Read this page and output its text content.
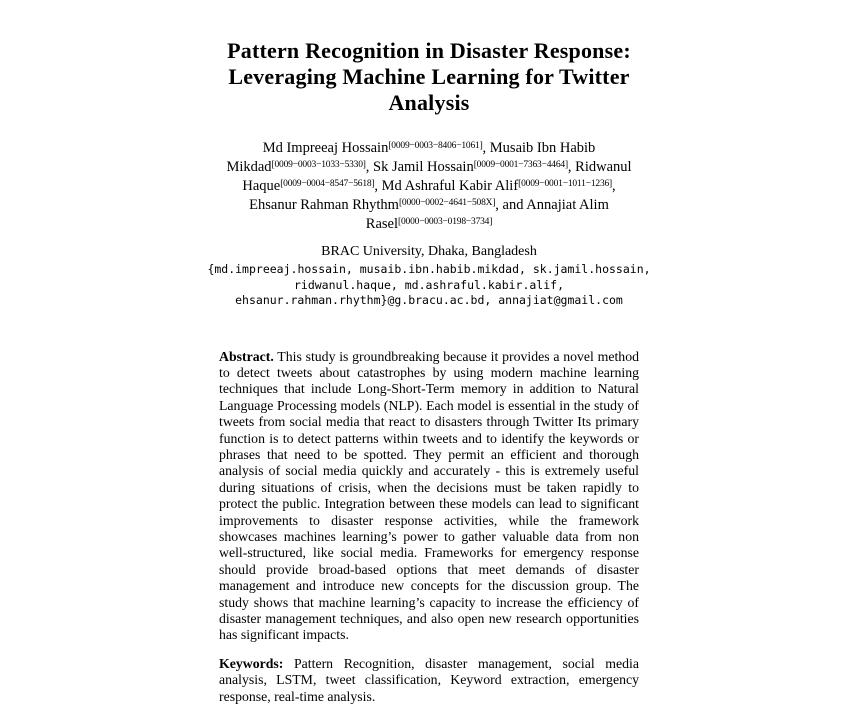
Pattern Recognition in Disaster Response:
Leveraging Machine Learning for Twitter
Analysis
Md Impreeaj Hossain[0009−0003−8406−1061], Musaib Ibn Habib
Mikdad[0009−0003−1033−5330], Sk Jamil Hossain[0009−0001−7363−4464], Ridwanul
Haque[0009−0004−8547−5618], Md Ashraful Kabir Alif[0009−0001−1011−1236],
Ehsanur Rahman Rhythm[0000−0002−4641−508X], and Annajiat Alim
Rasel[0000−0003−0198−3734]
BRAC University, Dhaka, Bangladesh
{md.impreeaj.hossain, musaib.ibn.habib.mikdad, sk.jamil.hossain,
ridwanul.haque, md.ashraful.kabir.alif,
ehsanur.rahman.rhythm}@g.bracu.ac.bd, annajiat@gmail.com
Abstract. This study is groundbreaking because it provides a novel method to detect tweets about catastrophes by using modern machine learning techniques that include Long-Short-Term memory in addition to Natural Language Processing models (NLP). Each model is essential in the study of tweets from social media that react to disasters through Twitter Its primary function is to detect patterns within tweets and to identify the keywords or phrases that need to be spotted. They permit an efficient and thorough analysis of social media quickly and accurately - this is extremely useful during situations of crisis, when the decisions must be taken rapidly to protect the public. Integration between these models can lead to significant improvements to disaster response activities, while the framework showcases machines learning’s power to gather valuable data from non well-structured, like social media. Frameworks for emergency response should provide broad-based options that meet demands of disaster management and introduce new concepts for the discussion group. The study shows that machine learning’s capacity to increase the efficiency of disaster management techniques, and also open new research opportunities has significant impacts.
Keywords: Pattern Recognition, disaster management, social media analysis, LSTM, tweet classification, Keyword extraction, emergency response, real-time analysis.
